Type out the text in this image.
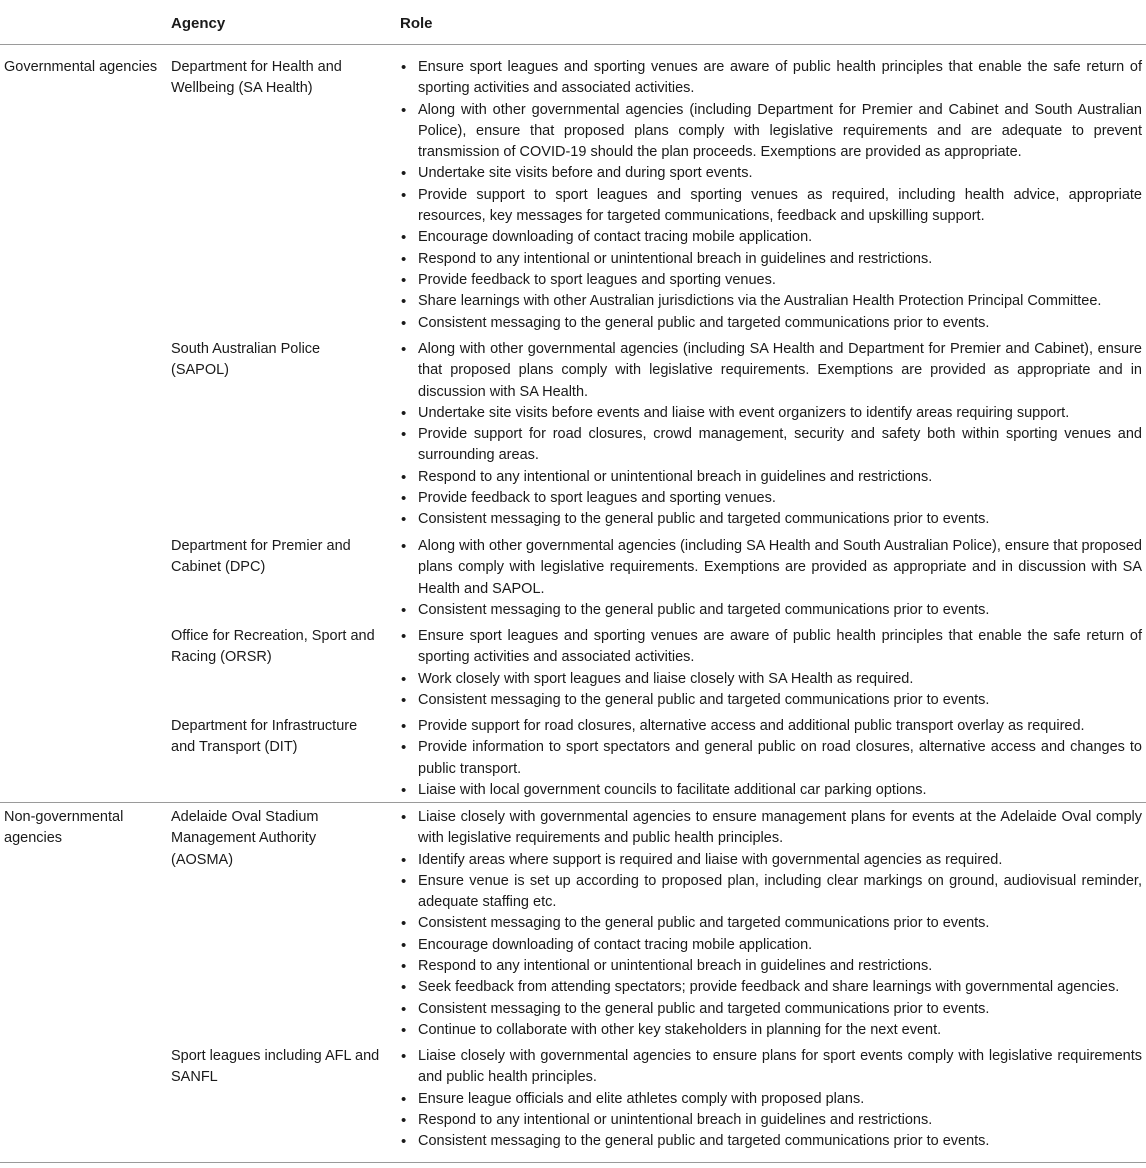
Agency	Role
Governmental agencies Department for Health and Wellbeing (SA Health)
• Ensure sport leagues and sporting venues are aware of public health principles that enable the safe return of sporting activities and associated activities.
• Along with other governmental agencies (including Department for Premier and Cabinet and South Australian Police), ensure that proposed plans comply with legislative requirements and are adequate to prevent transmission of COVID-19 should the plan proceeds. Exemptions are provided as appropriate.
• Undertake site visits before and during sport events.
• Provide support to sport leagues and sporting venues as required, including health advice, appropriate resources, key messages for targeted communications, feedback and upskilling support.
• Encourage downloading of contact tracing mobile application.
• Respond to any intentional or unintentional breach in guidelines and restrictions.
• Provide feedback to sport leagues and sporting venues.
• Share learnings with other Australian jurisdictions via the Australian Health Protection Principal Committee.
• Consistent messaging to the general public and targeted communications prior to events.
South Australian Police (SAPOL)
• Along with other governmental agencies (including SA Health and Department for Premier and Cabinet), ensure that proposed plans comply with legislative requirements. Exemptions are provided as appropriate and in discussion with SA Health.
• Undertake site visits before events and liaise with event organizers to identify areas requiring support.
• Provide support for road closures, crowd management, security and safety both within sporting venues and surrounding areas.
• Respond to any intentional or unintentional breach in guidelines and restrictions.
• Provide feedback to sport leagues and sporting venues.
• Consistent messaging to the general public and targeted communications prior to events.
Department for Premier and Cabinet (DPC)
• Along with other governmental agencies (including SA Health and South Australian Police), ensure that proposed plans comply with legislative requirements. Exemptions are provided as appropriate and in discussion with SA Health and SAPOL.
• Consistent messaging to the general public and targeted communications prior to events.
Office for Recreation, Sport and Racing (ORSR)
• Ensure sport leagues and sporting venues are aware of public health principles that enable the safe return of sporting activities and associated activities.
• Work closely with sport leagues and liaise closely with SA Health as required.
• Consistent messaging to the general public and targeted communications prior to events.
Department for Infrastructure and Transport (DIT)
• Provide support for road closures, alternative access and additional public transport overlay as required.
• Provide information to sport spectators and general public on road closures, alternative access and changes to public transport.
• Liaise with local government councils to facilitate additional car parking options.
Non-governmental agencies
Adelaide Oval Stadium Management Authority (AOSMA)
• Liaise closely with governmental agencies to ensure management plans for events at the Adelaide Oval comply with legislative requirements and public health principles.
• Identify areas where support is required and liaise with governmental agencies as required.
• Ensure venue is set up according to proposed plan, including clear markings on ground, audiovisual reminder, adequate staffing etc.
• Consistent messaging to the general public and targeted communications prior to events.
• Encourage downloading of contact tracing mobile application.
• Respond to any intentional or unintentional breach in guidelines and restrictions.
• Seek feedback from attending spectators; provide feedback and share learnings with governmental agencies.
• Consistent messaging to the general public and targeted communications prior to events.
• Continue to collaborate with other key stakeholders in planning for the next event.
Sport leagues including AFL and SANFL
• Liaise closely with governmental agencies to ensure plans for sport events comply with legislative requirements and public health principles.
• Ensure league officials and elite athletes comply with proposed plans.
• Respond to any intentional or unintentional breach in guidelines and restrictions.
• Consistent messaging to the general public and targeted communications prior to events.
